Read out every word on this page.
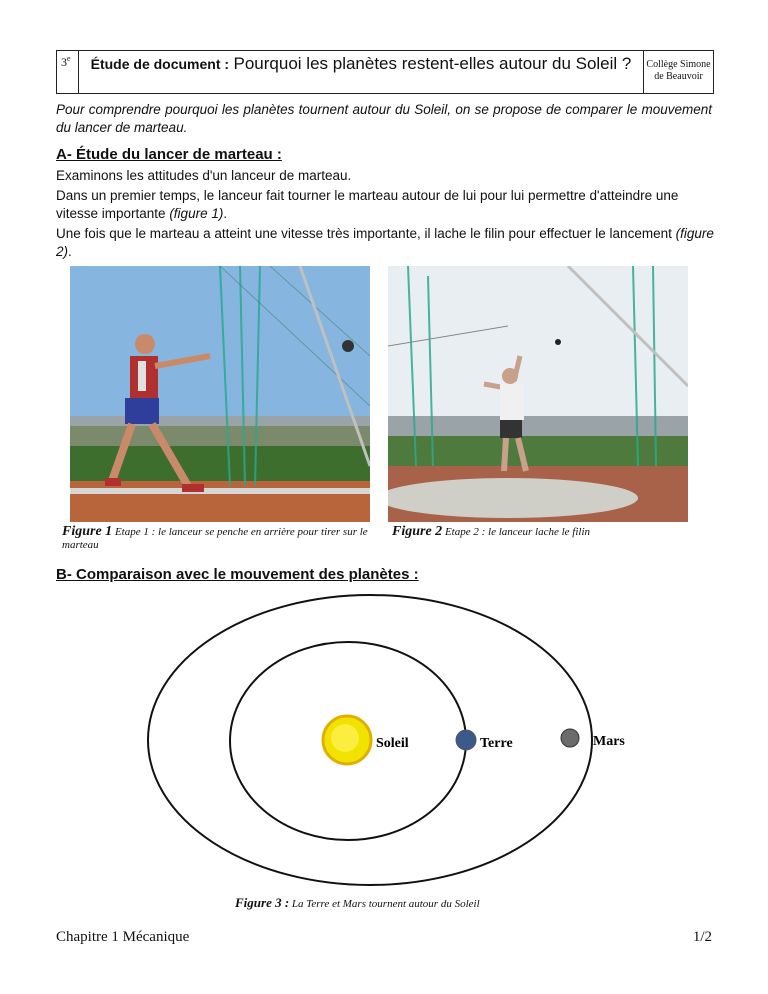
3e	Étude de document : Pourquoi les planètes restent-elles autour du Soleil ?	Collège Simone
de Beauvoir
Pour comprendre pourquoi les planètes tournent autour du Soleil, on se propose de comparer le mouvement du lancer de marteau.
A- Étude du lancer de marteau :
Examinons les attitudes d'un lanceur de marteau.
Dans un premier temps, le lanceur fait tourner le marteau autour de lui pour lui permettre d'atteindre une vitesse importante (figure 1).
Une fois que le marteau a atteint une vitesse très importante, il lache le filin pour effectuer le lancement (figure 2).
Figure 1 Etape 1 : le lanceur se penche en arrière pour tirer sur le marteau
Figure 2 Etape 2 : le lanceur lache le filin
B- Comparaison avec le mouvement des planètes :
Soleil	Terre	Mars
Figure 3 : La Terre et Mars tournent autour du Soleil
Chapitre 1 Mécanique	1/2
